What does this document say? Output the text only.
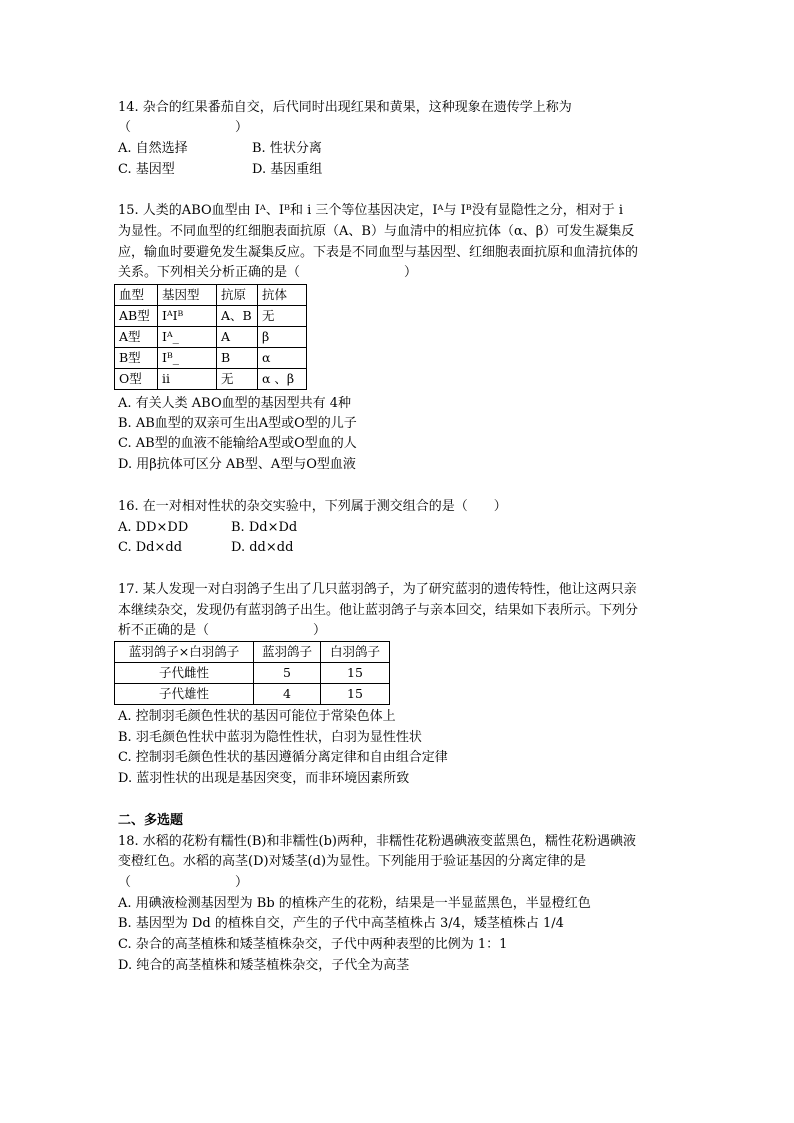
14. 杂合的红果番茄自交，后代同时出现红果和黄果，这种现象在遗传学上称为
（　　　　　　　　）
A. 自然选择	B. 性状分离
C. 基因型	D. 基因重组
15. 人类的ABO血型由 Iᴬ、Iᴮ和 i 三个等位基因决定，Iᴬ与 Iᴮ没有显隐性之分，相对于 i
为显性。不同血型的红细胞表面抗原（A、B）与血清中的相应抗体（α、β）可发生凝集反
应，输血时要避免发生凝集反应。下表是不同血型与基因型、红细胞表面抗原和血清抗体的
关系。下列相关分析正确的是（　　　　　　　　）
血型	基因型	抗原	抗体
AB型	IᴬIᴮ	A、B	无
A型	Iᴬ_	A	β
B型	Iᴮ_	B	α
O型	ii	无	α 、β
A. 有关人类 ABO血型的基因型共有 4种
B. AB血型的双亲可生出A型或O型的儿子
C. AB型的血液不能输给A型或O型血的人
D. 用β抗体可区分 AB型、A型与O型血液
16. 在一对相对性状的杂交实验中，下列属于测交组合的是（　　）
A. DD×DD	B. Dd×Dd
C. Dd×dd	D. dd×dd
17. 某人发现一对白羽鸽子生出了几只蓝羽鸽子，为了研究蓝羽的遗传特性，他让这两只亲
本继续杂交，发现仍有蓝羽鸽子出生。他让蓝羽鸽子与亲本回交，结果如下表所示。下列分
析不正确的是（　　　　　　　　）
蓝羽鸽子×白羽鸽子	蓝羽鸽子	白羽鸽子
子代雌性	5	15
子代雄性	4	15
A. 控制羽毛颜色性状的基因可能位于常染色体上
B. 羽毛颜色性状中蓝羽为隐性性状，白羽为显性性状
C. 控制羽毛颜色性状的基因遵循分离定律和自由组合定律
D. 蓝羽性状的出现是基因突变，而非环境因素所致
二、多选题
18. 水稻的花粉有糯性(B)和非糯性(b)两种，非糯性花粉遇碘液变蓝黑色，糯性花粉遇碘液
变橙红色。水稻的高茎(D)对矮茎(d)为显性。下列能用于验证基因的分离定律的是
（　　　　　　　　）
A. 用碘液检测基因型为 Bb 的植株产生的花粉，结果是一半显蓝黑色，半显橙红色
B. 基因型为 Dd 的植株自交，产生的子代中高茎植株占 3/4，矮茎植株占 1/4
C. 杂合的高茎植株和矮茎植株杂交，子代中两种表型的比例为 1：1
D. 纯合的高茎植株和矮茎植株杂交，子代全为高茎
